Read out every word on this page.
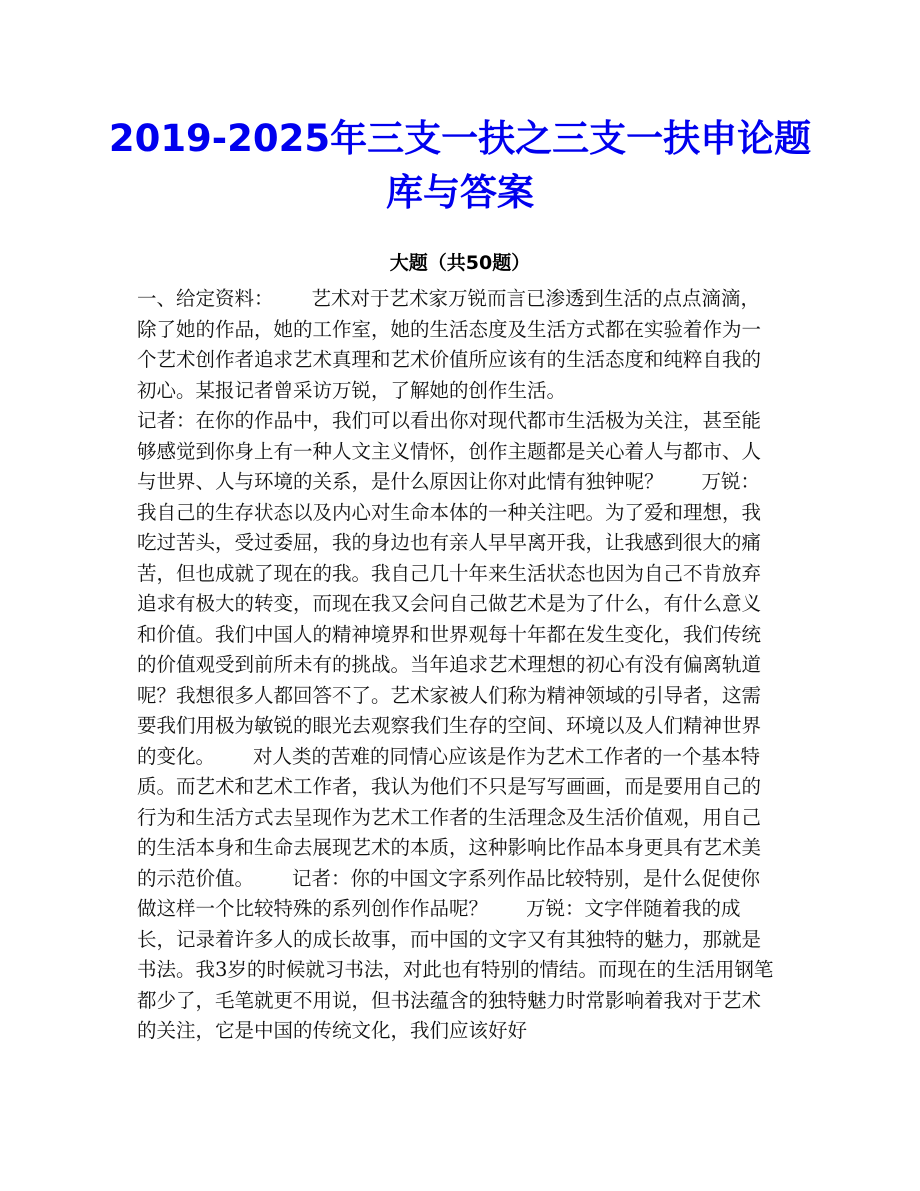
2019-2025年三支一扶之三支一扶申论题库与答案
大题（共50题）

一、给定资料： 艺术对于艺术家万锐而言已渗透到生活的点点滴滴，除了她的作品，她的工作室，她的生活态度及生活方式都在实验着作为一个艺术创作者追求艺术真理和艺术价值所应该有的生活态度和纯粹自我的初心。某报记者曾采访万锐，了解她的创作生活。

记者：在你的作品中，我们可以看出你对现代都市生活极为关注，甚至能够感觉到你身上有一种人文主义情怀，创作主题都是关心着人与都市、人与世界、人与环境的关系，是什么原因让你对此情有独钟呢？ 万锐：我自己的生存状态以及内心对生命本体的一种关注吧。为了爱和理想，我吃过苦头，受过委屈，我的身边也有亲人早早离开我，让我感到很大的痛苦，但也成就了现在的我。我自己几十年来生活状态也因为自己不肯放弃追求有极大的转变，而现在我又会问自己做艺术是为了什么，有什么意义和价值。我们中国人的精神境界和世界观每十年都在发生变化，我们传统的价值观受到前所未有的挑战。当年追求艺术理想的初心有没有偏离轨道呢？我想很多人都回答不了。艺术家被人们称为精神领域的引导者，这需要我们用极为敏锐的眼光去观察我们生存的空间、环境以及人们精神世界的变化。 对人类的苦难的同情心应该是作为艺术工作者的一个基本特质。而艺术和艺术工作者，我认为他们不只是写写画画，而是要用自己的行为和生活方式去呈现作为艺术工作者的生活理念及生活价值观，用自己的生活本身和生命去展现艺术的本质，这种影响比作品本身更具有艺术美的示范价值。 记者：你的中国文字系列作品比较特别，是什么促使你做这样一个比较特殊的系列创作作品呢？ 万锐：文字伴随着我的成长，记录着许多人的成长故事，而中国的文字又有其独特的魅力，那就是书法。我3岁的时候就习书法，对此也有特别的情结。而现在的生活用钢笔都少了，毛笔就更不用说，但书法蕴含的独特魅力时常影响着我对于艺术的关注，它是中国的传统文化，我们应该好好
